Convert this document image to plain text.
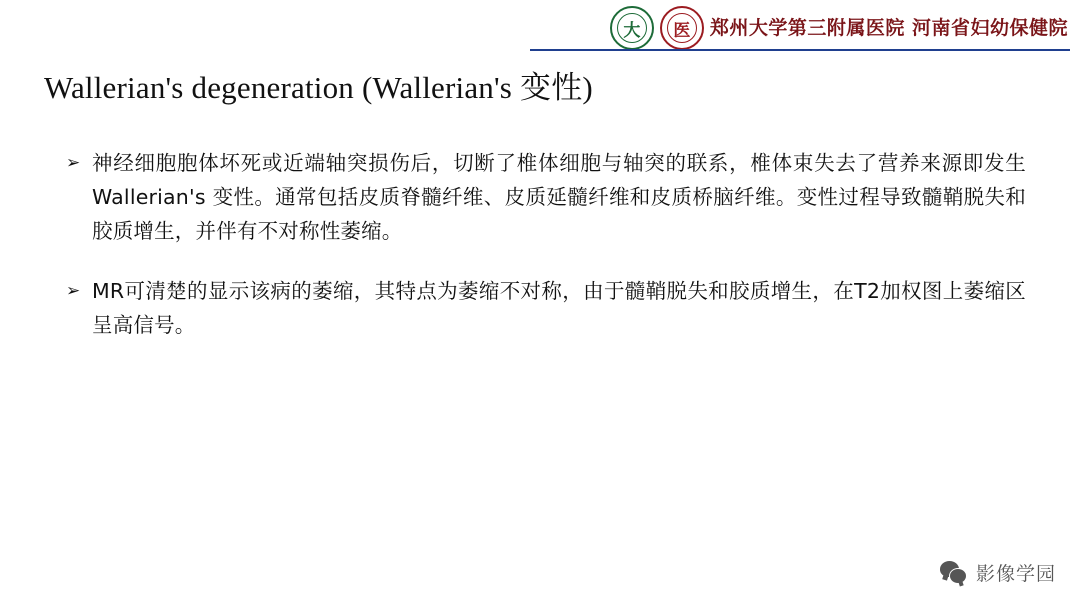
大	医	郑州大学第三附属医院 河南省妇幼保健院
Wallerian's degeneration (Wallerian's 变性)
➢ 神经细胞胞体坏死或近端轴突损伤后，切断了椎体细胞与轴突的联系，椎体束失去了营养来源即发生Wallerian's 变性。通常包括皮质脊髓纤维、皮质延髓纤维和皮质桥脑纤维。变性过程导致髓鞘脱失和胶质增生，并伴有不对称性萎缩。
➢ MR可清楚的显示该病的萎缩，其特点为萎缩不对称，由于髓鞘脱失和胶质增生，在T2加权图上萎缩区呈高信号。
影像学园
